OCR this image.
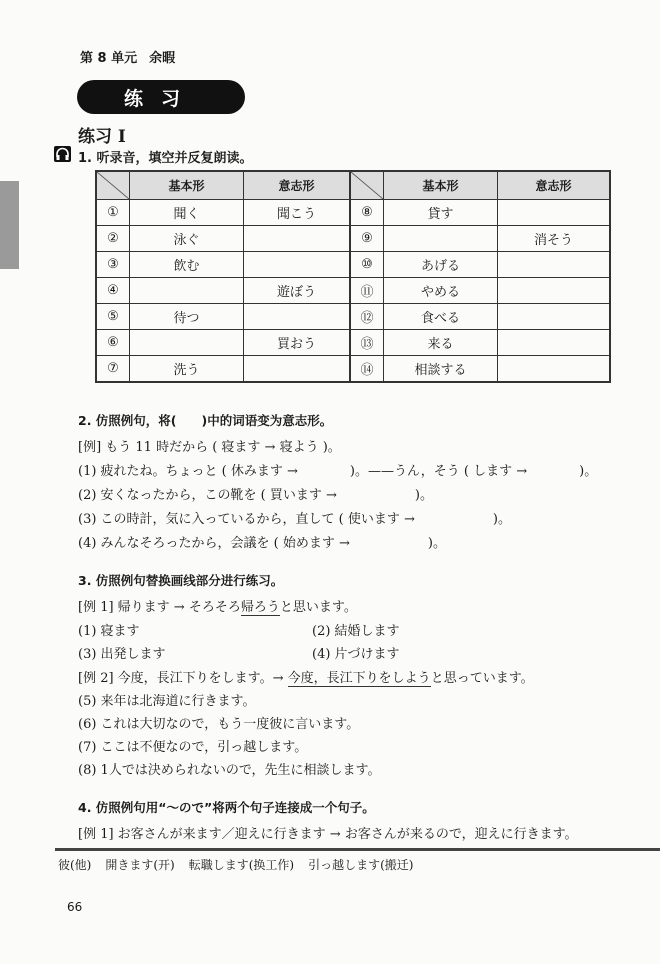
第 8 单元 余暇
练习
练习 I
1. 听录音，填空并反复朗读。
	基本形	意志形		基本形	意志形
①	聞く	聞こう	⑧	貸す	
②	泳ぐ		⑨		消そう
③	飲む		⑩	あげる	
④		遊ぼう	⑪	やめる	
⑤	待つ		⑫	食べる	
⑥		買おう	⑬	来る	
⑦	洗う		⑭	相談する	
2. 仿照例句，将(　　)中的词语变为意志形。
[例] もう 11 時だから ( 寝ます → 寝よう )。
(1) 疲れたね。ちょっと ( 休みます →　　　　)。——うん，そう ( します →　　　　)。
(2) 安くなったから，この靴を ( 買います →　　　　　　)。
(3) この時計，気に入っているから，直して ( 使います →　　　　　　)。
(4) みんなそろったから，会議を ( 始めます →　　　　　　)。
3. 仿照例句替换画线部分进行练习。
[例 1] 帰ります → そろそろ帰ろうと思います。
(1) 寝ます	(2) 結婚します
(3) 出発します	(4) 片づけます
[例 2] 今度，長江下りをします。→ 今度，長江下りをしようと思っています。
(5) 来年は北海道に行きます。
(6) これは大切なので，もう一度彼に言います。
(7) ここは不便なので，引っ越します。
(8) 1人では決められないので，先生に相談します。
4. 仿照例句用“～ので”将两个句子连接成一个句子。
[例 1] お客さんが来ます／迎えに行きます → お客さんが来るので，迎えに行きます。
彼(他) 開きます(开) 転職します(换工作) 引っ越します(搬迁)
66
